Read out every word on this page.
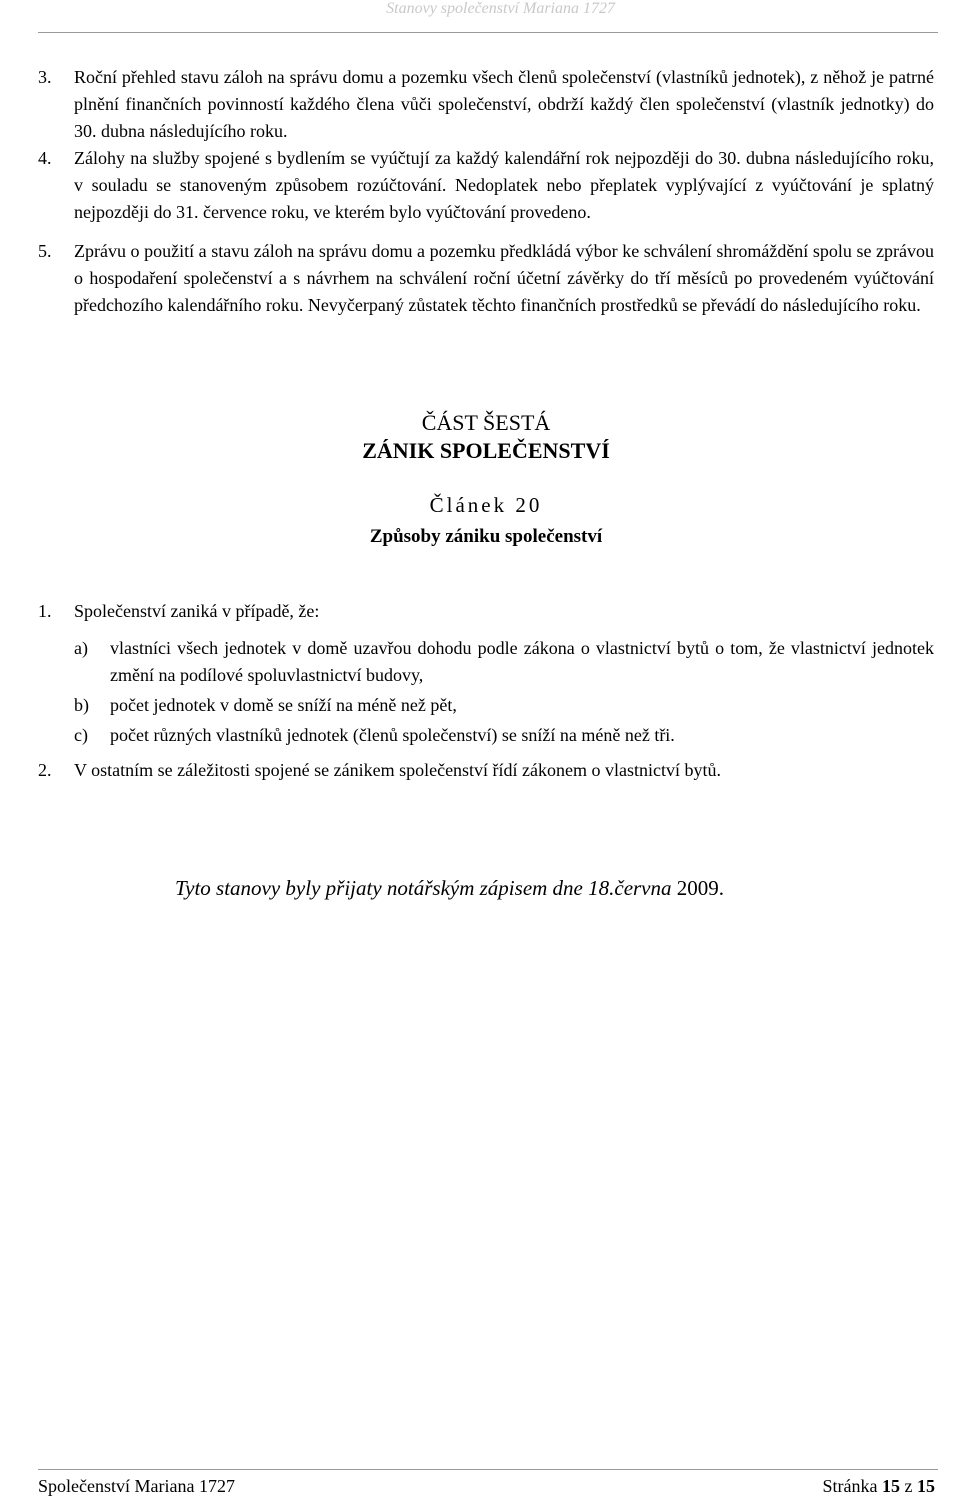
Stanovy společenství Mariana 1727
3.	Roční přehled stavu záloh na správu domu a pozemku všech členů společenství (vlastníků jednotek), z něhož je patrné plnění finančních povinností každého člena vůči společenství, obdrží každý člen společenství (vlastník jednotky) do 30. dubna následujícího roku.
4.	Zálohy na služby spojené s bydlením se vyúčtují za každý kalendářní rok nejpozději do 30. dubna následujícího roku, v souladu se stanoveným způsobem rozúčtování. Nedoplatek nebo přeplatek vyplývající z vyúčtování je splatný nejpozději do 31. července roku, ve kterém bylo vyúčtování provedeno.
5.	Zprávu o použití a stavu záloh na správu domu a pozemku předkládá výbor ke schválení shromáždění spolu se zprávou o hospodaření společenství a s návrhem na schválení roční účetní závěrky do tří měsíců po provedeném vyúčtování předchozího kalendářního roku. Nevyčerpaný zůstatek těchto finančních prostředků se převádí do následujícího roku.
ČÁST ŠESTÁ
ZÁNIK SPOLEČENSTVÍ
Článek 20
Způsoby zániku společenství
1.	Společenství zaniká v případě, že:
a)	vlastníci všech jednotek v domě uzavřou dohodu podle zákona o vlastnictví bytů o tom, že vlastnictví jednotek změní na podílové spoluvlastnictví budovy,
b)	počet jednotek v domě se sníží na méně než pět,
c)	počet různých vlastníků jednotek (členů společenství) se sníží na méně než tři.
2.	V ostatním se záležitosti spojené se zánikem společenství řídí zákonem o vlastnictví bytů.
Tyto stanovy byly přijaty notářským zápisem dne 18.června 2009.
Společenství Mariana 1727	Stránka 15 z 15
